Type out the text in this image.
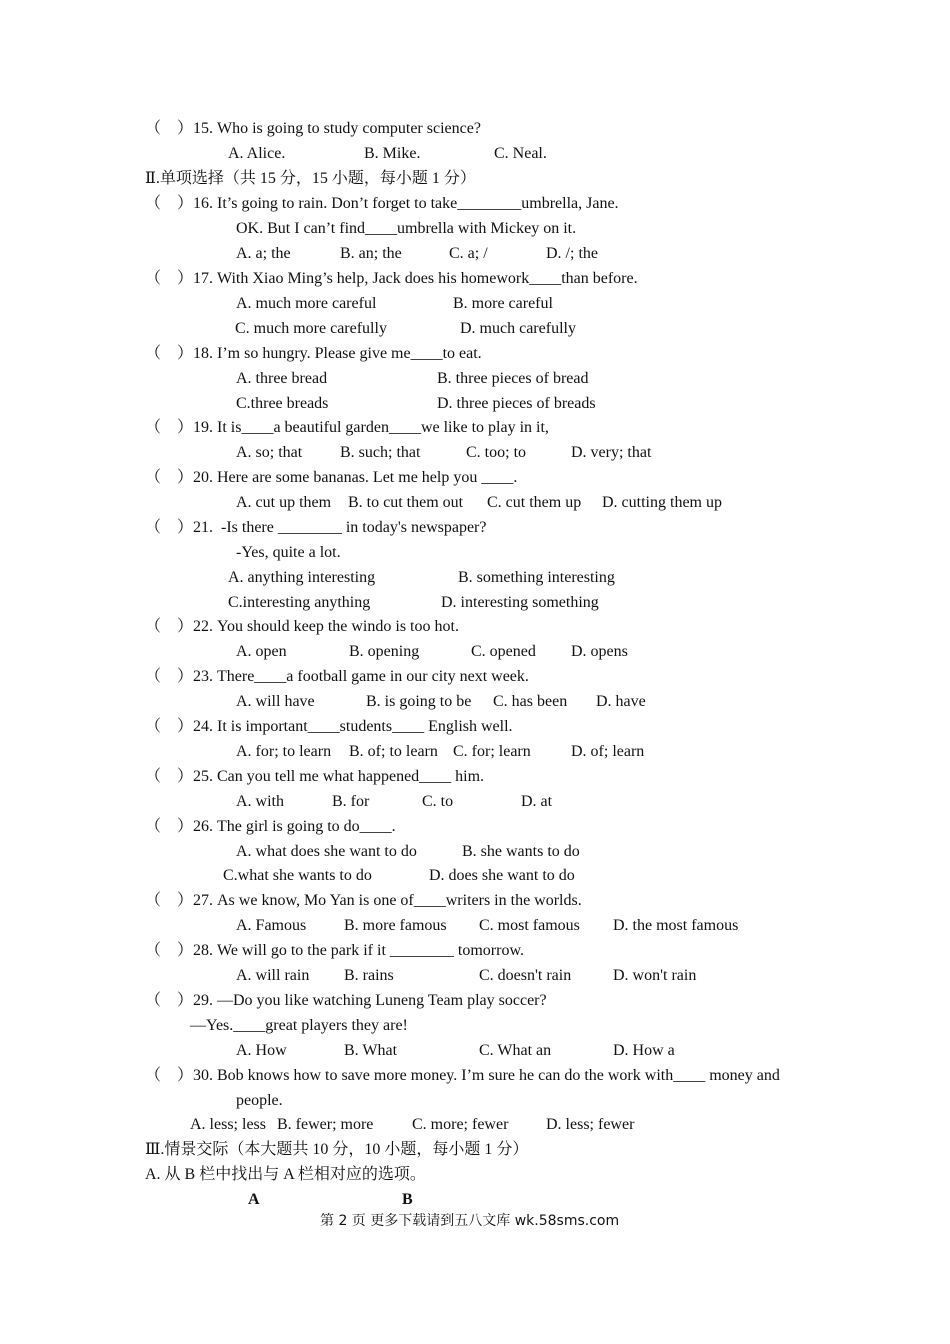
（    ）15. Who is going to study computer science?
A. Alice.	B. Mike.	C. Neal.
Ⅱ.单项选择（共 15 分，15 小题，每小题 1 分）
（    ）16. It’s going to rain. Don’t forget to take________umbrella, Jane.
OK. But I can’t find____umbrella with Mickey on it.
A. a; the	B. an; the	C. a; /	D. /; the
（    ）17. With Xiao Ming’s help, Jack does his homework____than before.
A. much more careful	B. more careful
C. much more carefully	D. much carefully
（    ）18. I’m so hungry. Please give me____to eat.
A. three bread	B. three pieces of bread
C.three breads	D. three pieces of breads
（    ）19. It is____a beautiful garden____we like to play in it,
A. so; that B. such; that	C. too; to	D. very; that
（    ）20. Here are some bananas. Let me help you ____.
A. cut up them B. to cut them out C. cut them up D. cutting them up
（    ）21.  -Is there ________ in today's newspaper?
-Yes, quite a lot.
A. anything interesting	B. something interesting
C.interesting anything	D. interesting something
（    ）22. You should keep the windo is too hot.
A. open	B. opening	C. opened D. opens
（    ）23. There____a football game in our city next week.
A. will have	B. is going to be C. has been D. have
（    ）24. It is important____students____ English well.
A. for; to learn B. of; to learn C. for; learn	D. of; learn
（    ）25. Can you tell me what happened____ him.
A. with	B. for	C. to	D. at
（    ）26. The girl is going to do____.
A. what does she want to do	B. she wants to do
C.what she wants to do	D. does she want to do
（    ）27. As we know, Mo Yan is one of____writers in the worlds.
A. Famous B. more famous C. most famous D. the most famous
（    ）28. We will go to the park if it ________ tomorrow.
A. will rain B. rains	C. doesn't rain	D. won't rain
（    ）29. —Do you like watching Luneng Team play soccer?
—Yes.____great players they are!
A. How	B. What	C. What an	D. How a
（    ）30. Bob knows how to save more money. I’m sure he can do the work with____ money and
people.
A. less; less B. fewer; more C. more; fewer D. less; fewer
Ⅲ.情景交际（本大题共 10 分，10 小题，每小题 1 分）
A. 从 B 栏中找出与 A 栏相对应的选项。
A	B
第 2 页 更多下载请到五八文库 wk.58sms.com
